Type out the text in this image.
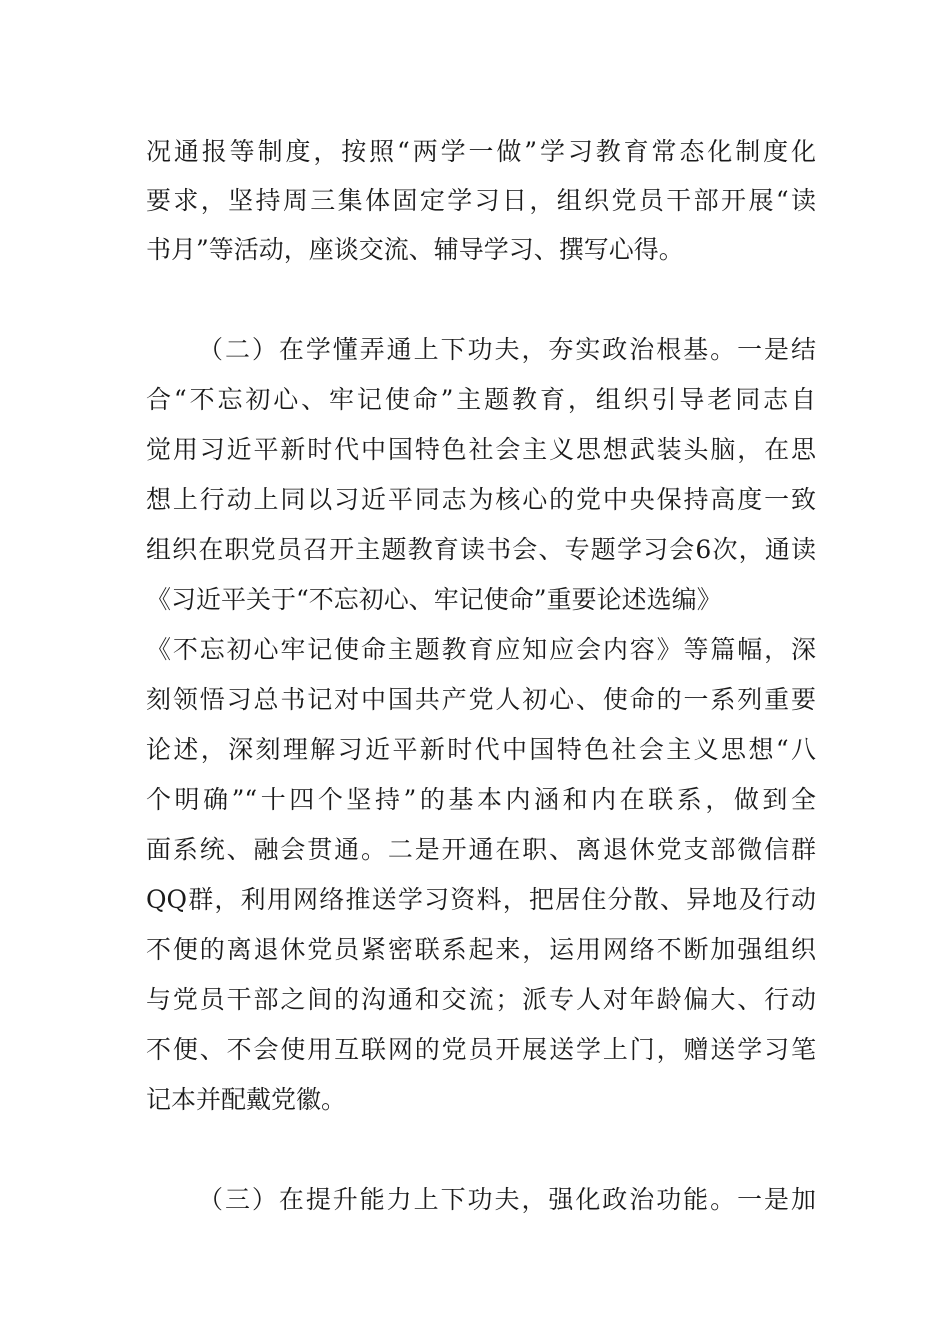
况通报等制度，按照“两学一做”学习教育常态化制度化
要求，坚持周三集体固定学习日，组织党员干部开展“读
书月”等活动，座谈交流、辅导学习、撰写心得。
（二）在学懂弄通上下功夫，夯实政治根基。一是结
合“不忘初心、牢记使命”主题教育，组织引导老同志自
觉用习近平新时代中国特色社会主义思想武装头脑，在思
想上行动上同以习近平同志为核心的党中央保持高度一致
组织在职党员召开主题教育读书会、专题学习会6次，通读
《习近平关于“不忘初心、牢记使命”重要论述选编》
《不忘初心牢记使命主题教育应知应会内容》等篇幅，深
刻领悟习总书记对中国共产党人初心、使命的一系列重要
论述，深刻理解习近平新时代中国特色社会主义思想“八
个明确”“十四个坚持”的基本内涵和内在联系，做到全
面系统、融会贯通。二是开通在职、离退休党支部微信群
QQ群，利用网络推送学习资料，把居住分散、异地及行动
不便的离退休党员紧密联系起来，运用网络不断加强组织
与党员干部之间的沟通和交流；派专人对年龄偏大、行动
不便、不会使用互联网的党员开展送学上门，赠送学习笔
记本并配戴党徽。
（三）在提升能力上下功夫，强化政治功能。一是加
